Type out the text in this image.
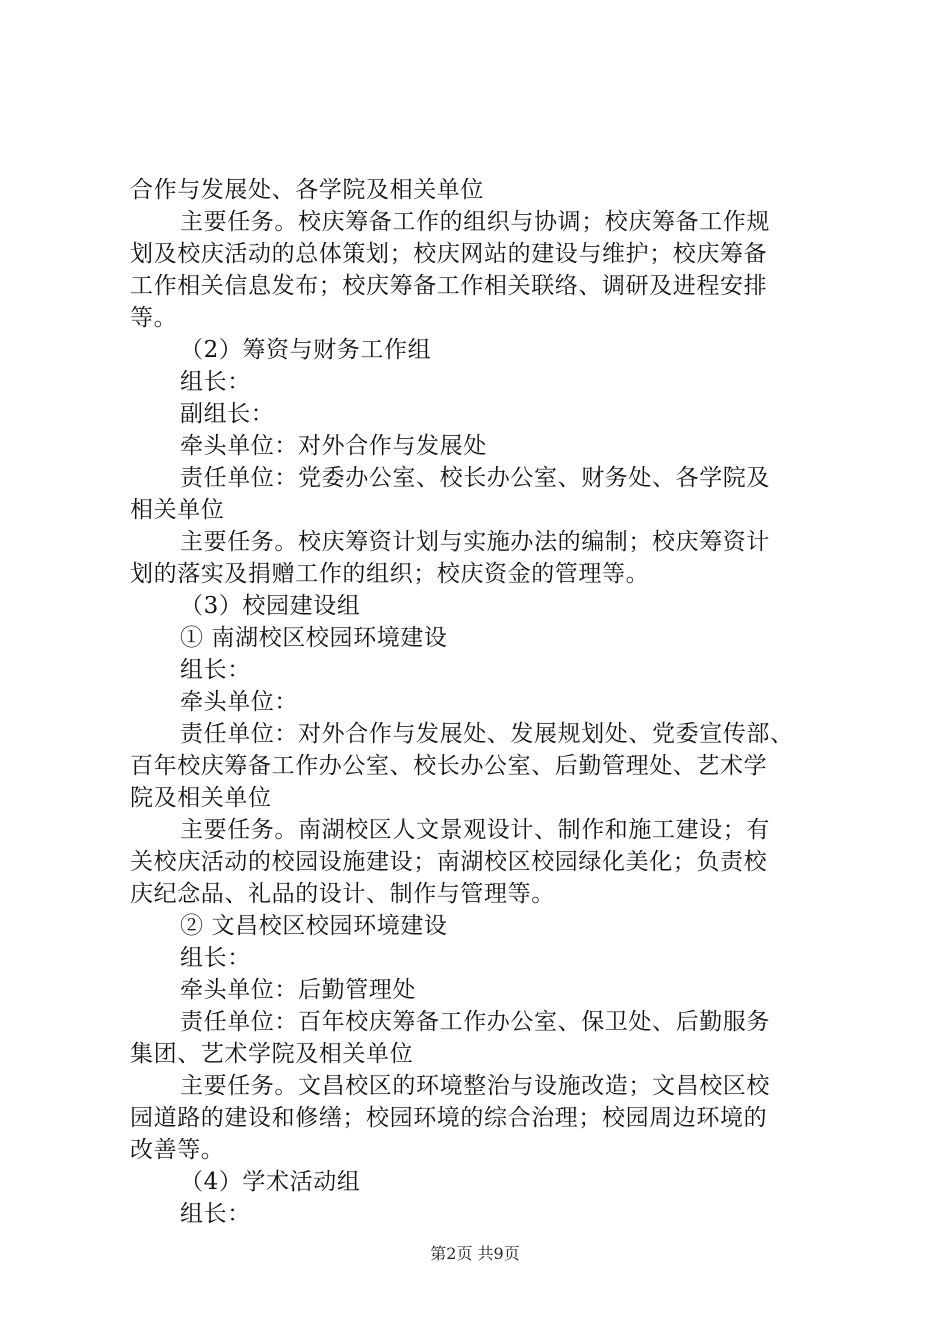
合作与发展处、各学院及相关单位
主要任务。校庆筹备工作的组织与协调；校庆筹备工作规
划及校庆活动的总体策划；校庆网站的建设与维护；校庆筹备
工作相关信息发布；校庆筹备工作相关联络、调研及进程安排
等。
（2）筹资与财务工作组
组长：
副组长：
牵头单位：对外合作与发展处
责任单位：党委办公室、校长办公室、财务处、各学院及
相关单位
主要任务。校庆筹资计划与实施办法的编制；校庆筹资计
划的落实及捐赠工作的组织；校庆资金的管理等。
（3）校园建设组
① 南湖校区校园环境建设
组长：
牵头单位：
责任单位：对外合作与发展处、发展规划处、党委宣传部、
百年校庆筹备工作办公室、校长办公室、后勤管理处、艺术学
院及相关单位
主要任务。南湖校区人文景观设计、制作和施工建设；有
关校庆活动的校园设施建设；南湖校区校园绿化美化；负责校
庆纪念品、礼品的设计、制作与管理等。
② 文昌校区校园环境建设
组长：
牵头单位：后勤管理处
责任单位：百年校庆筹备工作办公室、保卫处、后勤服务
集团、艺术学院及相关单位
主要任务。文昌校区的环境整治与设施改造；文昌校区校
园道路的建设和修缮；校园环境的综合治理；校园周边环境的
改善等。
（4）学术活动组
组长：
第2页 共9页
